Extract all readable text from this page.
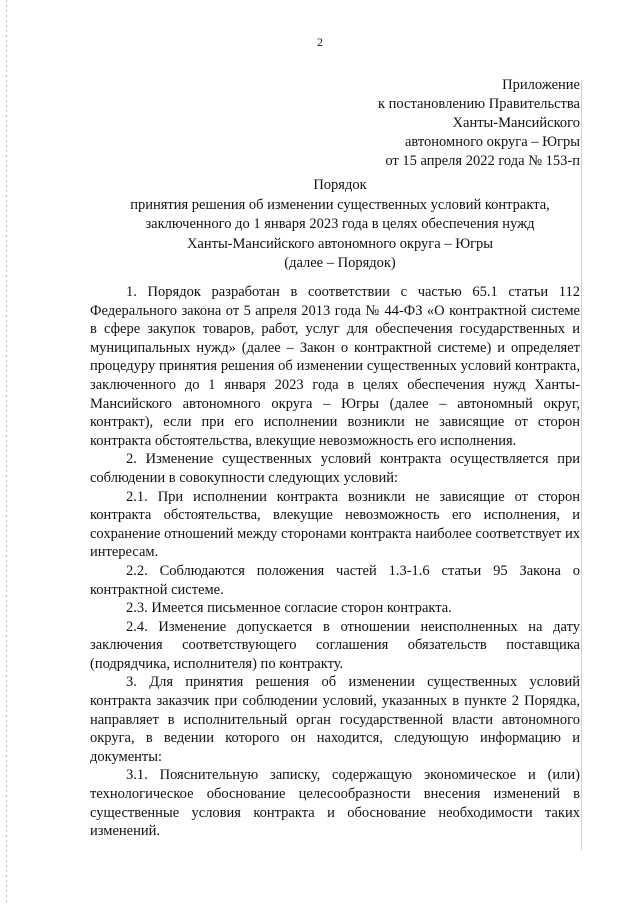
2
Приложение
к постановлению Правительства
Ханты-Мансийского
автономного округа – Югры
от 15 апреля 2022 года № 153-п
Порядок
принятия решения об изменении существенных условий контракта,
заключенного до 1 января 2023 года в целях обеспечения нужд
Ханты-Мансийского автономного округа – Югры
(далее – Порядок)

1. Порядок разработан в соответствии с частью 65.1 статьи 112 Федерального закона от 5 апреля 2013 года № 44-ФЗ «О контрактной системе в сфере закупок товаров, работ, услуг для обеспечения государственных и муниципальных нужд» (далее – Закон о контрактной системе) и определяет процедуру принятия решения об изменении существенных условий контракта, заключенного до 1 января 2023 года в целях обеспечения нужд Ханты-Мансийского автономного округа – Югры (далее – автономный округ, контракт), если при его исполнении возникли не зависящие от сторон контракта обстоятельства, влекущие невозможность его исполнения.

2. Изменение существенных условий контракта осуществляется при соблюдении в совокупности следующих условий:

2.1. При исполнении контракта возникли не зависящие от сторон контракта обстоятельства, влекущие невозможность его исполнения, и сохранение отношений между сторонами контракта наиболее соответствует их интересам.

2.2. Соблюдаются положения частей 1.3-1.6 статьи 95 Закона о контрактной системе.

2.3. Имеется письменное согласие сторон контракта.

2.4. Изменение допускается в отношении неисполненных на дату заключения соответствующего соглашения обязательств поставщика (подрядчика, исполнителя) по контракту.

3. Для принятия решения об изменении существенных условий контракта заказчик при соблюдении условий, указанных в пункте 2 Порядка, направляет в исполнительный орган государственной власти автономного округа, в ведении которого он находится, следующую информацию и документы:

3.1. Пояснительную записку, содержащую экономическое и (или) технологическое обоснование целесообразности внесения изменений в существенные условия контракта и обоснование необходимости таких изменений.
